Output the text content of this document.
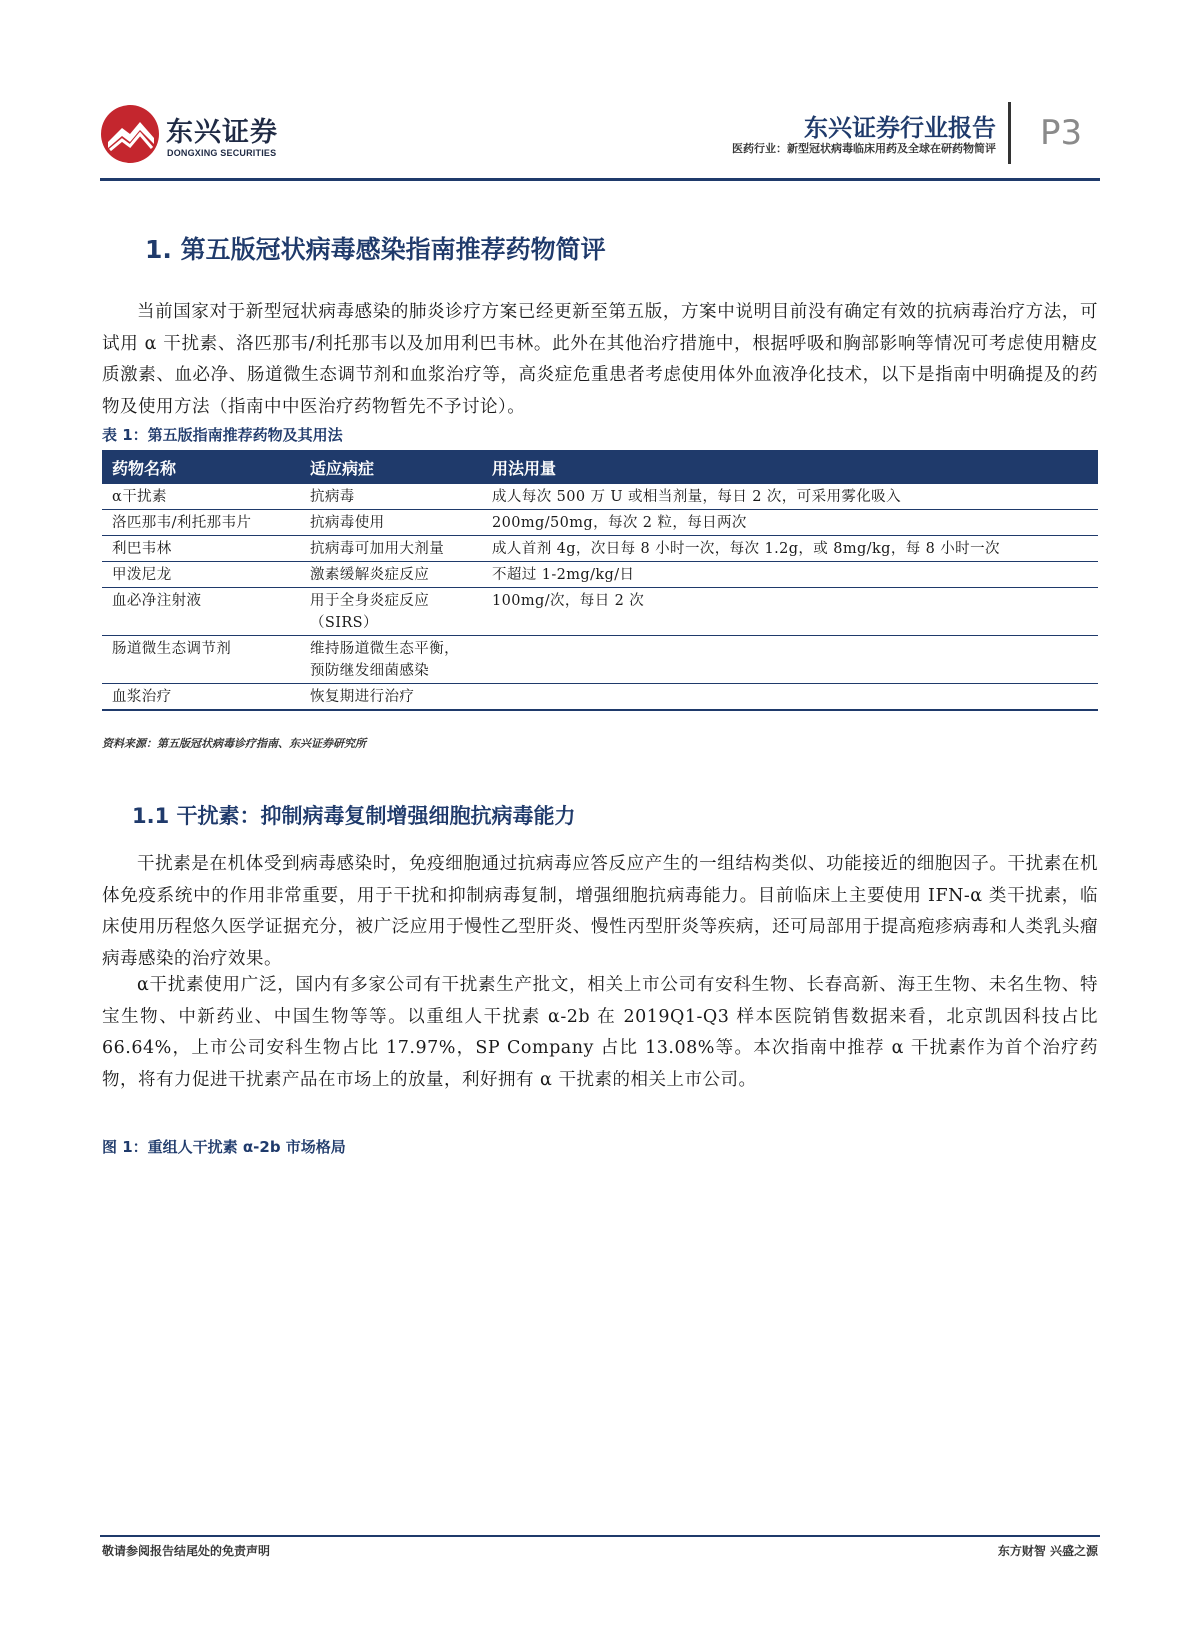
东兴证券
DONGXING SECURITIES
东兴证券行业报告
医药行业：新型冠状病毒临床用药及全球在研药物简评 P3
1. 第五版冠状病毒感染指南推荐药物简评

当前国家对于新型冠状病毒感染的肺炎诊疗方案已经更新至第五版，方案中说明目前没有确定有效的抗病毒治疗方法，可试用 α 干扰素、洛匹那韦/利托那韦以及加用利巴韦林。此外在其他治疗措施中，根据呼吸和胸部影响等情况可考虑使用糖皮质激素、血必净、肠道微生态调节剂和血浆治疗等，高炎症危重患者考虑使用体外血液净化技术，以下是指南中明确提及的药物及使用方法（指南中中医治疗药物暂先不予讨论）。

表 1：第五版指南推荐药物及其用法
药物名称	适应病症	用法用量
α干扰素	抗病毒	成人每次 500 万 U 或相当剂量，每日 2 次，可采用雾化吸入
洛匹那韦/利托那韦片	抗病毒使用	200mg/50mg，每次 2 粒，每日两次
利巴韦林	抗病毒可加用大剂量	成人首剂 4g，次日每 8 小时一次，每次 1.2g，或 8mg/kg，每 8 小时一次
甲泼尼龙	激素缓解炎症反应	不超过 1-2mg/kg/日
血必净注射液	用于全身炎症反应（SIRS）	100mg/次，每日 2 次
肠道微生态调节剂	维持肠道微生态平衡，预防继发细菌感染	
血浆治疗	恢复期进行治疗	
资料来源：第五版冠状病毒诊疗指南、东兴证券研究所
1.1 干扰素：抑制病毒复制增强细胞抗病毒能力

干扰素是在机体受到病毒感染时，免疫细胞通过抗病毒应答反应产生的一组结构类似、功能接近的细胞因子。干扰素在机体免疫系统中的作用非常重要，用于干扰和抑制病毒复制，增强细胞抗病毒能力。目前临床上主要使用 IFN-α 类干扰素，临床使用历程悠久医学证据充分，被广泛应用于慢性乙型肝炎、慢性丙型肝炎等疾病，还可局部用于提高疱疹病毒和人类乳头瘤病毒感染的治疗效果。

α干扰素使用广泛，国内有多家公司有干扰素生产批文，相关上市公司有安科生物、长春高新、海王生物、未名生物、特宝生物、中新药业、中国生物等等。以重组人干扰素 α-2b 在 2019Q1-Q3 样本医院销售数据来看，北京凯因科技占比 66.64%，上市公司安科生物占比 17.97%，SP Company 占比 13.08%等。本次指南中推荐 α 干扰素作为首个治疗药物，将有力促进干扰素产品在市场上的放量，利好拥有 α 干扰素的相关上市公司。

图 1：重组人干扰素 α-2b 市场格局
敬请参阅报告结尾处的免责声明	东方财智 兴盛之源
